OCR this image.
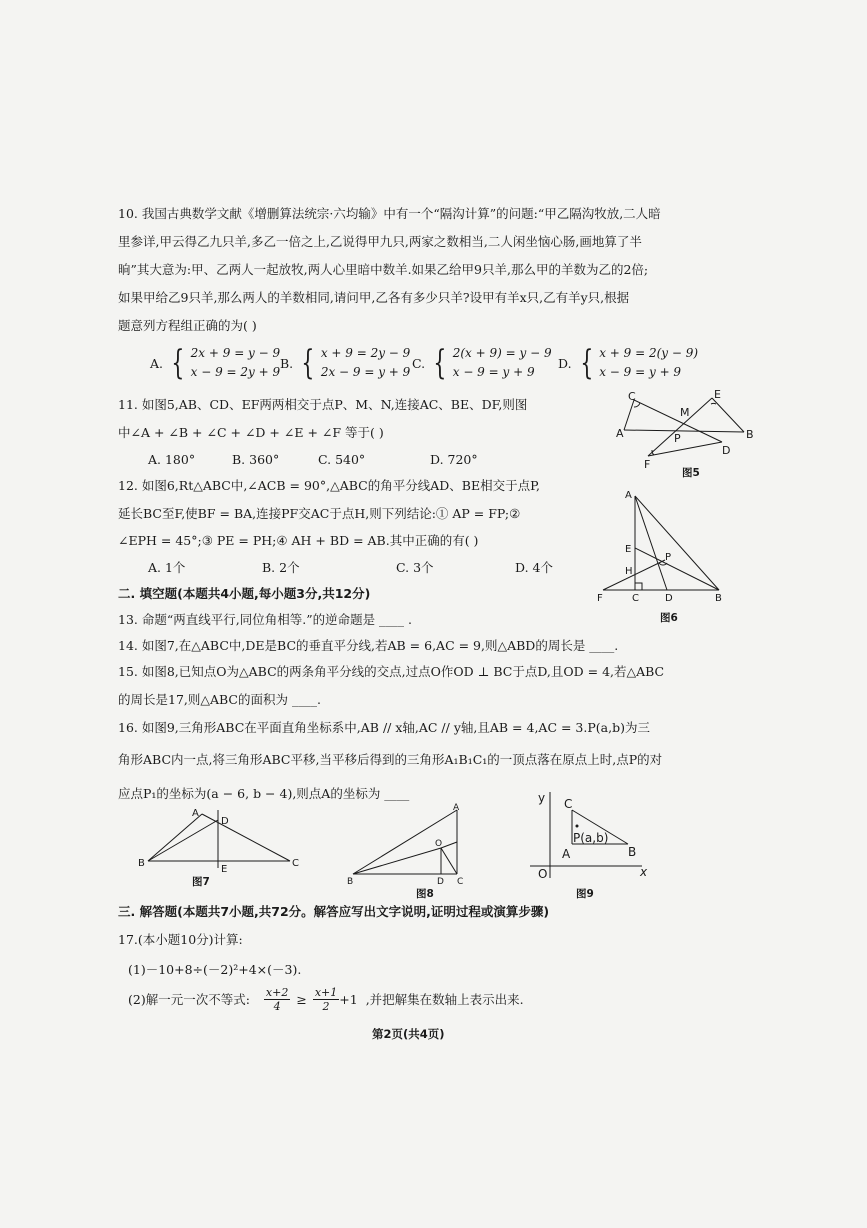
10. 我国古典数学文献《增删算法统宗·六均输》中有一个“隔沟计算”的问题:“甲乙隔沟牧放,二人暗
里参详,甲云得乙九只羊,多乙一倍之上,乙说得甲九只,两家之数相当,二人闲坐恼心肠,画地算了半
晌”其大意为:甲、乙两人一起放牧,两人心里暗中数羊.如果乙给甲9只羊,那么甲的羊数为乙的2倍;
如果甲给乙9只羊,那么两人的羊数相同,请问甲,乙各有多少只羊?设甲有羊x只,乙有羊y只,根据
题意列方程组正确的为( )
A. { 2x + 9 = y − 9
x − 9 = 2y + 9
B. { x + 9 = 2y − 9
2x − 9 = y + 9
C. { 2(x + 9) = y − 9
x − 9 = y + 9
D. { x + 9 = 2(y − 9)
x − 9 = y + 9
11. 如图5,AB、CD、EF两两相交于点P、M、N,连接AC、BE、DF,则图
中∠A + ∠B + ∠C + ∠D + ∠E + ∠F 等于( )
A. 180°	B. 360°	C. 540°	D. 720°
C	E
M
A	B
P
D
F
图5
12. 如图6,Rt△ABC中,∠ACB = 90°,△ABC的角平分线AD、BE相交于点P,
延长BC至F,使BF = BA,连接PF交AC于点H,则下列结论:① AP = FP;②
∠EPH = 45°;③ PE = PH;④ AH + BD = AB.其中正确的有( )
A. 1个	B. 2个	C. 3个	D. 4个
A
E
P
H
F	C	D	B
图6
二. 填空题(本题共4小题,每小题3分,共12分)
13. 命题“两直线平行,同位角相等.”的逆命题是 ____ .
14. 如图7,在△ABC中,DE是BC的垂直平分线,若AB = 6,AC = 9,则△ABD的周长是 ____.
15. 如图8,已知点O为△ABC的两条角平分线的交点,过点O作OD ⊥ BC于点D,且OD = 4,若△ABC
的周长是17,则△ABC的面积为 ____.
16. 如图9,三角形ABC在平面直角坐标系中,AB // x轴,AC // y轴,且AB = 4,AC = 3.P(a,b)为三
角形ABC内一点,将三角形ABC平移,当平移后得到的三角形A₁B₁C₁的一顶点落在原点上时,点P的对
应点P₁的坐标为(a − 6, b − 4),则点A的坐标为 ____
A
D
B
E
C
图7
A
O
B	D C
图8
y C
P(a,b)
A	B
O	x
图9
三. 解答题(本题共7小题,共72分。解答应写出文字说明,证明过程或演算步骤)
17.(本小题10分)计算:
(1)－10+8÷(－2)²+4×(－3).
(2)解一元一次不等式: $\frac{x+2}{4} \ge \frac{x+1}{2} +1$ ,并把解集在数轴上表示出来.
第2页(共4页)
